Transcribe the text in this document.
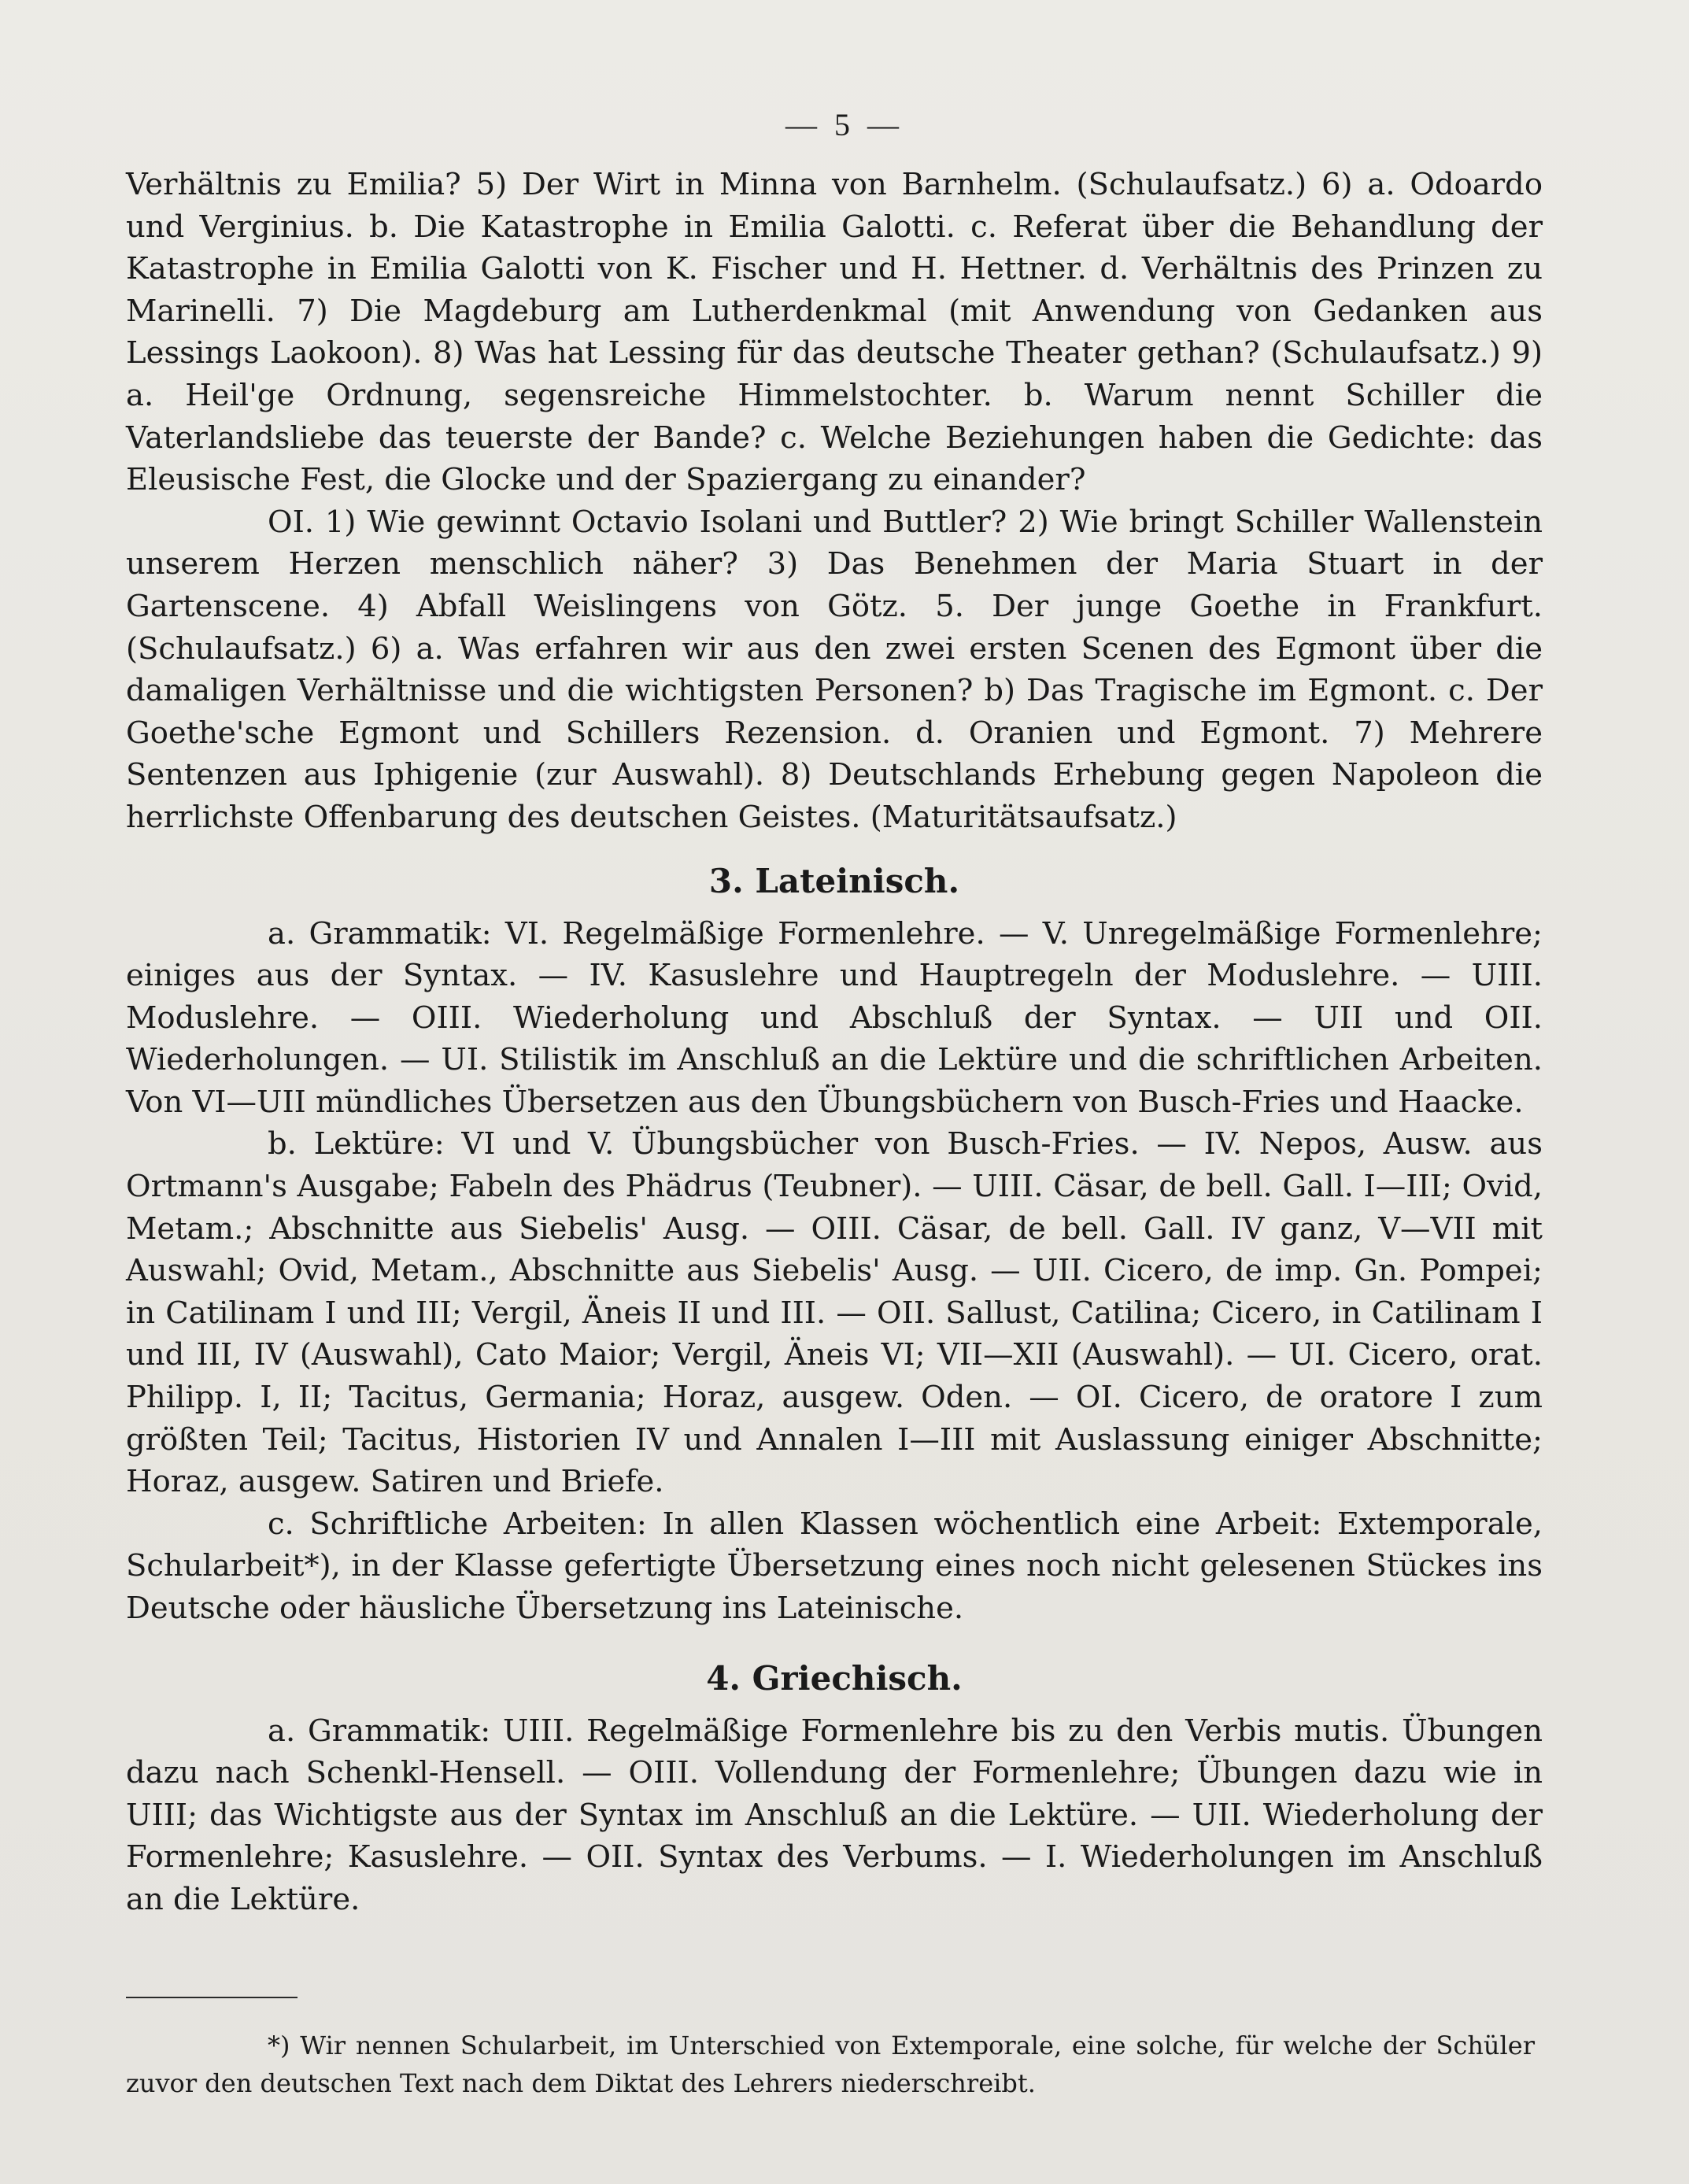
— 5 —

Verhältnis zu Emilia? 5) Der Wirt in Minna von Barnhelm. (Schulaufsatz.) 6) a. Odoardo und Verginius. b. Die Katastrophe in Emilia Galotti. c. Referat über die Behandlung der Katastrophe in Emilia Galotti von K. Fischer und H. Hettner. d. Verhältnis des Prinzen zu Marinelli. 7) Die Magdeburg am Lutherdenkmal (mit Anwendung von Gedanken aus Lessings Laokoon). 8) Was hat Lessing für das deutsche Theater gethan? (Schulaufsatz.) 9) a. Heil'ge Ordnung, segensreiche Himmelstochter. b. Warum nennt Schiller die Vaterlandsliebe das teuerste der Bande? c. Welche Beziehungen haben die Gedichte: das Eleusische Fest, die Glocke und der Spaziergang zu einander?

OI. 1) Wie gewinnt Octavio Isolani und Buttler? 2) Wie bringt Schiller Wallenstein unserem Herzen menschlich näher? 3) Das Benehmen der Maria Stuart in der Gartenscene. 4) Abfall Weislingens von Götz. 5. Der junge Goethe in Frankfurt. (Schulaufsatz.) 6) a. Was erfahren wir aus den zwei ersten Scenen des Egmont über die damaligen Verhältnisse und die wichtigsten Personen? b) Das Tragische im Egmont. c. Der Goethe'sche Egmont und Schillers Rezension. d. Oranien und Egmont. 7) Mehrere Sentenzen aus Iphigenie (zur Auswahl). 8) Deutschlands Erhebung gegen Napoleon die herrlichste Offenbarung des deutschen Geistes. (Maturitätsaufsatz.)

3. Lateinisch.

a. Grammatik: VI. Regelmäßige Formenlehre. — V. Unregelmäßige Formenlehre; einiges aus der Syntax. — IV. Kasuslehre und Hauptregeln der Moduslehre. — UIII. Moduslehre. — OIII. Wiederholung und Abschluß der Syntax. — UII und OII. Wiederholungen. — UI. Stilistik im Anschluß an die Lektüre und die schriftlichen Arbeiten. Von VI—UII mündliches Übersetzen aus den Übungsbüchern von Busch-Fries und Haacke.

b. Lektüre: VI und V. Übungsbücher von Busch-Fries. — IV. Nepos, Ausw. aus Ortmann's Ausgabe; Fabeln des Phädrus (Teubner). — UIII. Cäsar, de bell. Gall. I—III; Ovid, Metam.; Abschnitte aus Siebelis' Ausg. — OIII. Cäsar, de bell. Gall. IV ganz, V—VII mit Auswahl; Ovid, Metam., Abschnitte aus Siebelis' Ausg. — UII. Cicero, de imp. Gn. Pompei; in Catilinam I und III; Vergil, Äneis II und III. — OII. Sallust, Catilina; Cicero, in Catilinam I und III, IV (Auswahl), Cato Maior; Vergil, Äneis VI; VII—XII (Auswahl). — UI. Cicero, orat. Philipp. I, II; Tacitus, Germania; Horaz, ausgew. Oden. — OI. Cicero, de oratore I zum größten Teil; Tacitus, Historien IV und Annalen I—III mit Auslassung einiger Abschnitte; Horaz, ausgew. Satiren und Briefe.

c. Schriftliche Arbeiten: In allen Klassen wöchentlich eine Arbeit: Extemporale, Schularbeit*), in der Klasse gefertigte Übersetzung eines noch nicht gelesenen Stückes ins Deutsche oder häusliche Übersetzung ins Lateinische.

4. Griechisch.

a. Grammatik: UIII. Regelmäßige Formenlehre bis zu den Verbis mutis. Übungen dazu nach Schenkl-Hensell. — OIII. Vollendung der Formenlehre; Übungen dazu wie in UIII; das Wichtigste aus der Syntax im Anschluß an die Lektüre. — UII. Wiederholung der Formenlehre; Kasuslehre. — OII. Syntax des Verbums. — I. Wiederholungen im Anschluß an die Lektüre.

*) Wir nennen Schularbeit, im Unterschied von Extemporale, eine solche, für welche der Schüler zuvor den deutschen Text nach dem Diktat des Lehrers niederschreibt.
